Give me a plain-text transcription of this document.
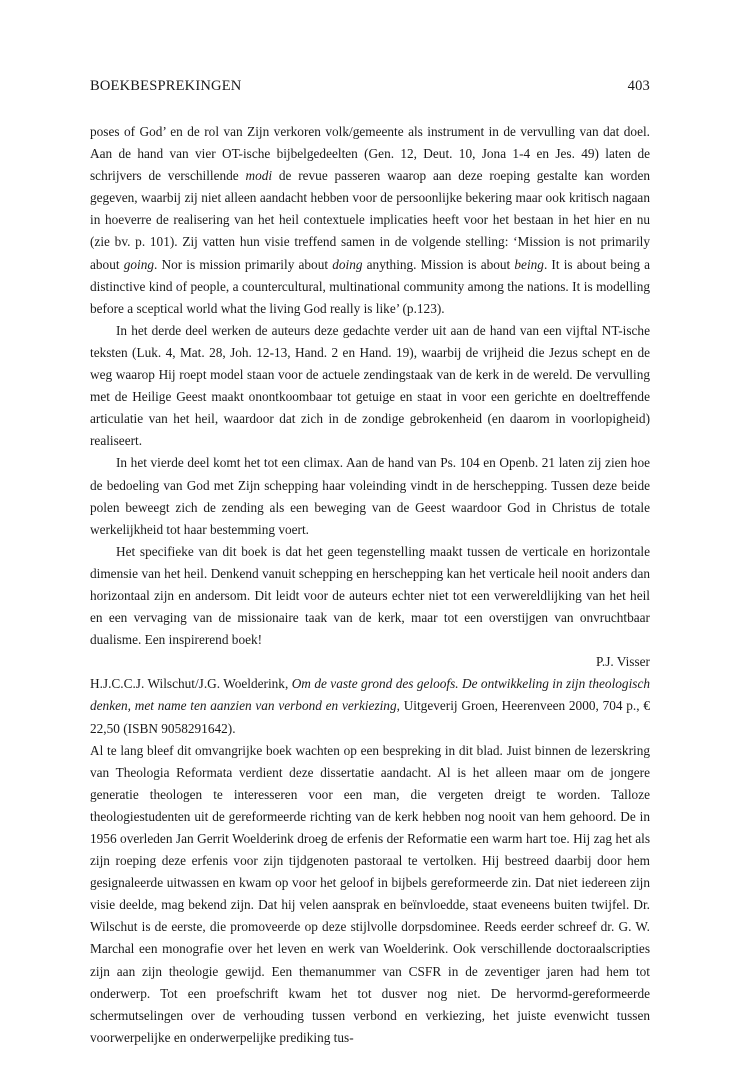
BOEKBESPREKINGEN	403

poses of God’ en de rol van Zijn verkoren volk/gemeente als instrument in de vervulling van dat doel. Aan de hand van vier OT-ische bijbelgedeelten (Gen. 12, Deut. 10, Jona 1-4 en Jes. 49) laten de schrijvers de verschillende modi de revue passeren waarop aan deze roeping gestalte kan worden gegeven, waarbij zij niet alleen aandacht hebben voor de persoonlijke bekering maar ook kritisch nagaan in hoeverre de realisering van het heil contextuele implicaties heeft voor het bestaan in het hier en nu (zie bv. p. 101). Zij vatten hun visie treffend samen in de volgende stelling: ‘Mission is not primarily about going. Nor is mission primarily about doing anything. Mission is about being. It is about being a distinctive kind of people, a countercultural, multinational community among the nations. It is modelling before a sceptical world what the living God really is like’ (p.123).

In het derde deel werken de auteurs deze gedachte verder uit aan de hand van een vijftal NT-ische teksten (Luk. 4, Mat. 28, Joh. 12-13, Hand. 2 en Hand. 19), waarbij de vrijheid die Jezus schept en de weg waarop Hij roept model staan voor de actuele zendingstaak van de kerk in de wereld. De vervulling met de Heilige Geest maakt onontkoombaar tot getuige en staat in voor een gerichte en doeltreffende articulatie van het heil, waardoor dat zich in de zondige gebrokenheid (en daarom in voorlopigheid) realiseert.

In het vierde deel komt het tot een climax. Aan de hand van Ps. 104 en Openb. 21 laten zij zien hoe de bedoeling van God met Zijn schepping haar voleinding vindt in de herschepping. Tussen deze beide polen beweegt zich de zending als een beweging van de Geest waardoor God in Christus de totale werkelijkheid tot haar bestemming voert.

Het specifieke van dit boek is dat het geen tegenstelling maakt tussen de verticale en horizontale dimensie van het heil. Denkend vanuit schepping en herschepping kan het verticale heil nooit anders dan horizontaal zijn en andersom. Dit leidt voor de auteurs echter niet tot een verwereldlijking van het heil en een vervaging van de missionaire taak van de kerk, maar tot een overstijgen van onvruchtbaar dualisme. Een inspirerend boek!

P.J. Visser

H.J.C.C.J. Wilschut/J.G. Woelderink, Om de vaste grond des geloofs. De ontwikkeling in zijn theologisch denken, met name ten aanzien van verbond en verkiezing, Uitgeverij Groen, Heerenveen 2000, 704 p., € 22,50 (ISBN 9058291642).

Al te lang bleef dit omvangrijke boek wachten op een bespreking in dit blad. Juist binnen de lezerskring van Theologia Reformata verdient deze dissertatie aandacht. Al is het alleen maar om de jongere generatie theologen te interesseren voor een man, die vergeten dreigt te worden. Talloze theologiestudenten uit de gereformeerde richting van de kerk hebben nog nooit van hem gehoord. De in 1956 overleden Jan Gerrit Woelderink droeg de erfenis der Reformatie een warm hart toe. Hij zag het als zijn roeping deze erfenis voor zijn tijdgenoten pastoraal te vertolken. Hij bestreed daarbij door hem gesignaleerde uitwassen en kwam op voor het geloof in bijbels gereformeerde zin. Dat niet iedereen zijn visie deelde, mag bekend zijn. Dat hij velen aansprak en beïnvloedde, staat eveneens buiten twijfel. Dr. Wilschut is de eerste, die promoveerde op deze stijlvolle dorpsdominee. Reeds eerder schreef dr. G. W. Marchal een monografie over het leven en werk van Woelderink. Ook verschillende doctoraalscripties zijn aan zijn theologie gewijd. Een themanummer van CSFR in de zeventiger jaren had hem tot onderwerp. Tot een proefschrift kwam het tot dusver nog niet. De hervormd-gereformeerde schermutselingen over de verhouding tussen verbond en verkiezing, het juiste evenwicht tussen voorwerpelijke en onderwerpelijke prediking tus-
